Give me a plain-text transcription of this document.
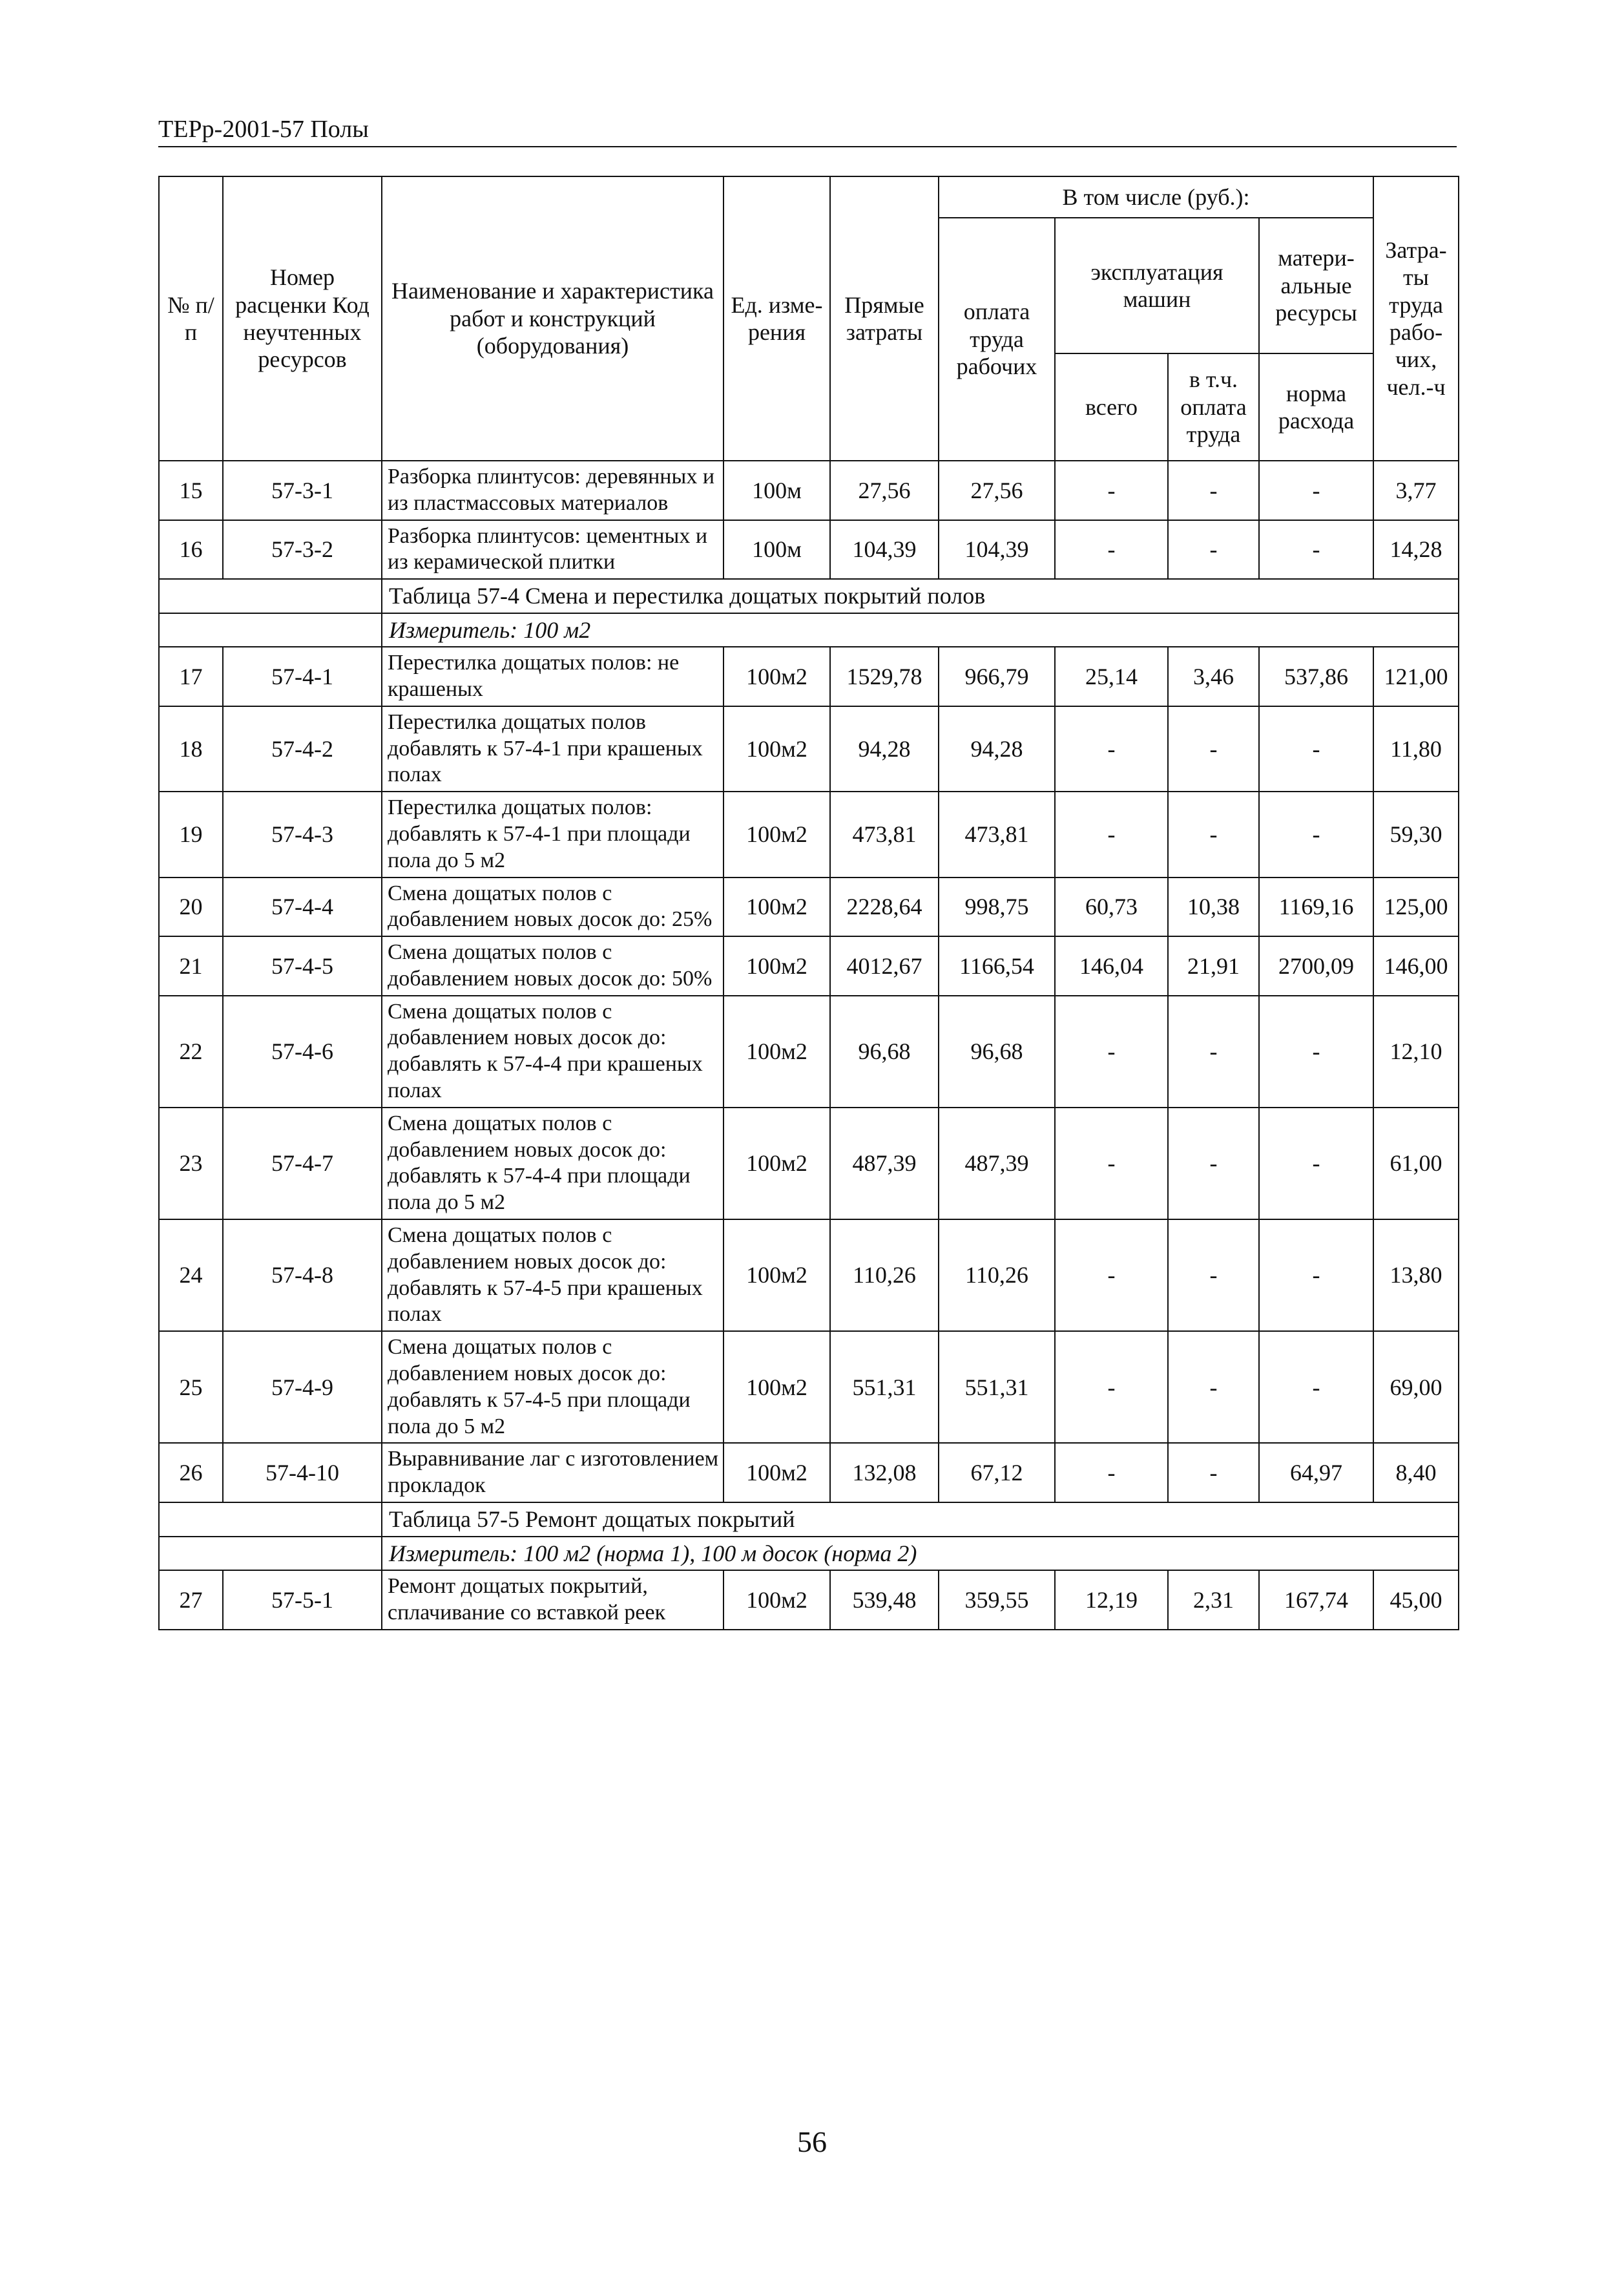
ТЕРр-2001-57 Полы
№ п/п	Номер расценки Код неучтенных ресурсов	Наименование и характеристика работ и конструкций (оборудования)	Ед. изме-рения	Прямые затраты	В том числе (руб.):				Затра-ты труда рабо-чих, чел.-ч
					оплата труда рабочих	эксплуатация машин		матери-альные ресурсы	
						всего	в т.ч. оплата труда	норма расхода	

15	57-3-1	Разборка плинтусов: деревянных и из пластмассовых материалов	100м	27,56	27,56	-	-	-	3,77
16	57-3-2	Разборка плинтусов: цементных и из керамической плитки	100м	104,39	104,39	-	-	-	14,28
		Таблица 57-4 Смена и перестилка дощатых покрытий полов							
		Измеритель: 100 м2							
17	57-4-1	Перестилка дощатых полов: не крашеных	100м2	1529,78	966,79	25,14	3,46	537,86	121,00
18	57-4-2	Перестилка дощатых полов добавлять к 57-4-1 при крашеных полах	100м2	94,28	94,28	-	-	-	11,80
19	57-4-3	Перестилка дощатых полов: добавлять к 57-4-1 при площади пола до 5 м2	100м2	473,81	473,81	-	-	-	59,30
20	57-4-4	Смена дощатых полов с добавлением новых досок до: 25%	100м2	2228,64	998,75	60,73	10,38	1169,16	125,00
21	57-4-5	Смена дощатых полов с добавлением новых досок до: 50%	100м2	4012,67	1166,54	146,04	21,91	2700,09	146,00
22	57-4-6	Смена дощатых полов с добавлением новых досок до: добавлять к 57-4-4 при крашеных полах	100м2	96,68	96,68	-	-	-	12,10
23	57-4-7	Смена дощатых полов с добавлением новых досок до: добавлять к 57-4-4 при площади пола до 5 м2	100м2	487,39	487,39	-	-	-	61,00
24	57-4-8	Смена дощатых полов с добавлением новых досок до: добавлять к 57-4-5 при крашеных полах	100м2	110,26	110,26	-	-	-	13,80
25	57-4-9	Смена дощатых полов с добавлением новых досок до: добавлять к 57-4-5 при площади пола до 5 м2	100м2	551,31	551,31	-	-	-	69,00
26	57-4-10	Выравнивание лаг с изготовлением прокладок	100м2	132,08	67,12	-	-	64,97	8,40
		Таблица 57-5 Ремонт дощатых покрытий							
		Измеритель: 100 м2 (норма 1), 100 м досок (норма 2)							
27	57-5-1	Ремонт дощатых покрытий, сплачивание со вставкой реек	100м2	539,48	359,55	12,19	2,31	167,74	45,00
56
